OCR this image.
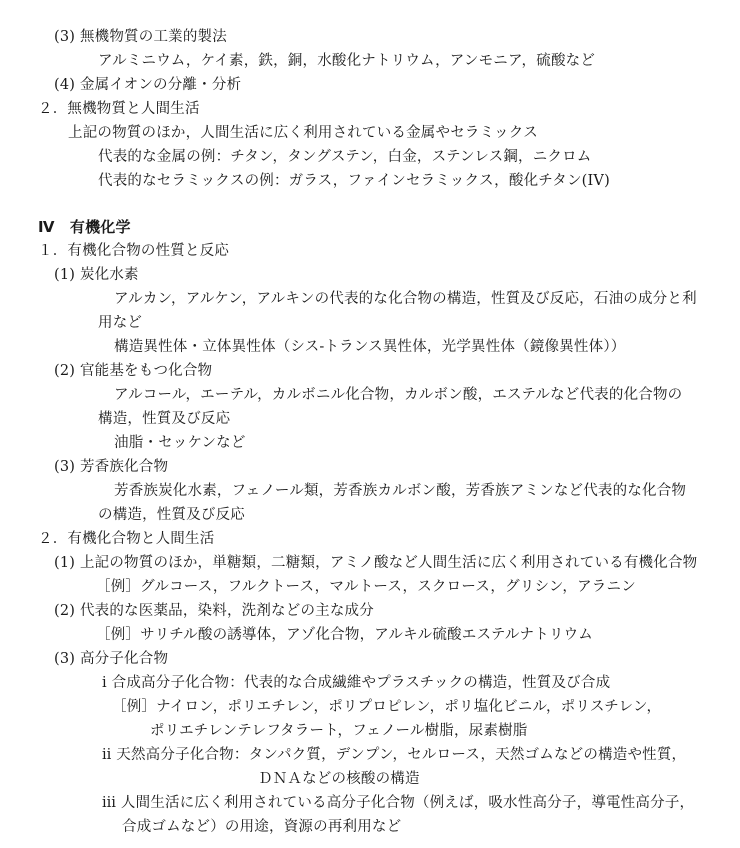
(3) 無機物質の工業的製法
アルミニウム，ケイ素，鉄，銅，水酸化ナトリウム，アンモニア，硫酸など
(4) 金属イオンの分離・分析
２．無機物質と人間生活
上記の物質のほか，人間生活に広く利用されている金属やセラミックス
代表的な金属の例：チタン，タングステン，白金，ステンレス鋼，ニクロム
代表的なセラミックスの例：ガラス，ファインセラミックス，酸化チタン(IV)
Ⅳ　有機化学
１．有機化合物の性質と反応
(1) 炭化水素
アルカン，アルケン，アルキンの代表的な化合物の構造，性質及び反応，石油の成分と利
用など
構造異性体・立体異性体（シス-トランス異性体，光学異性体（鏡像異性体））
(2) 官能基をもつ化合物
アルコール，エーテル，カルボニル化合物，カルボン酸，エステルなど代表的化合物の
構造，性質及び反応
油脂・セッケンなど
(3) 芳香族化合物
芳香族炭化水素，フェノール類，芳香族カルボン酸，芳香族アミンなど代表的な化合物
の構造，性質及び反応
２．有機化合物と人間生活
(1) 上記の物質のほか，単糖類，二糖類，アミノ酸など人間生活に広く利用されている有機化合物
［例］グルコース，フルクトース，マルトース，スクロース，グリシン，アラニン
(2) 代表的な医薬品，染料，洗剤などの主な成分
［例］サリチル酸の誘導体，アゾ化合物，アルキル硫酸エステルナトリウム
(3) 高分子化合物
ⅰ 合成高分子化合物：代表的な合成繊維やプラスチックの構造，性質及び合成
［例］ナイロン，ポリエチレン，ポリプロピレン，ポリ塩化ビニル，ポリスチレン，
ポリエチレンテレフタラート，フェノール樹脂，尿素樹脂
ⅱ 天然高分子化合物：タンパク質，デンプン，セルロース，天然ゴムなどの構造や性質，
ＤＮＡなどの核酸の構造
ⅲ 人間生活に広く利用されている高分子化合物（例えば，吸水性高分子，導電性高分子，
合成ゴムなど）の用途，資源の再利用など
